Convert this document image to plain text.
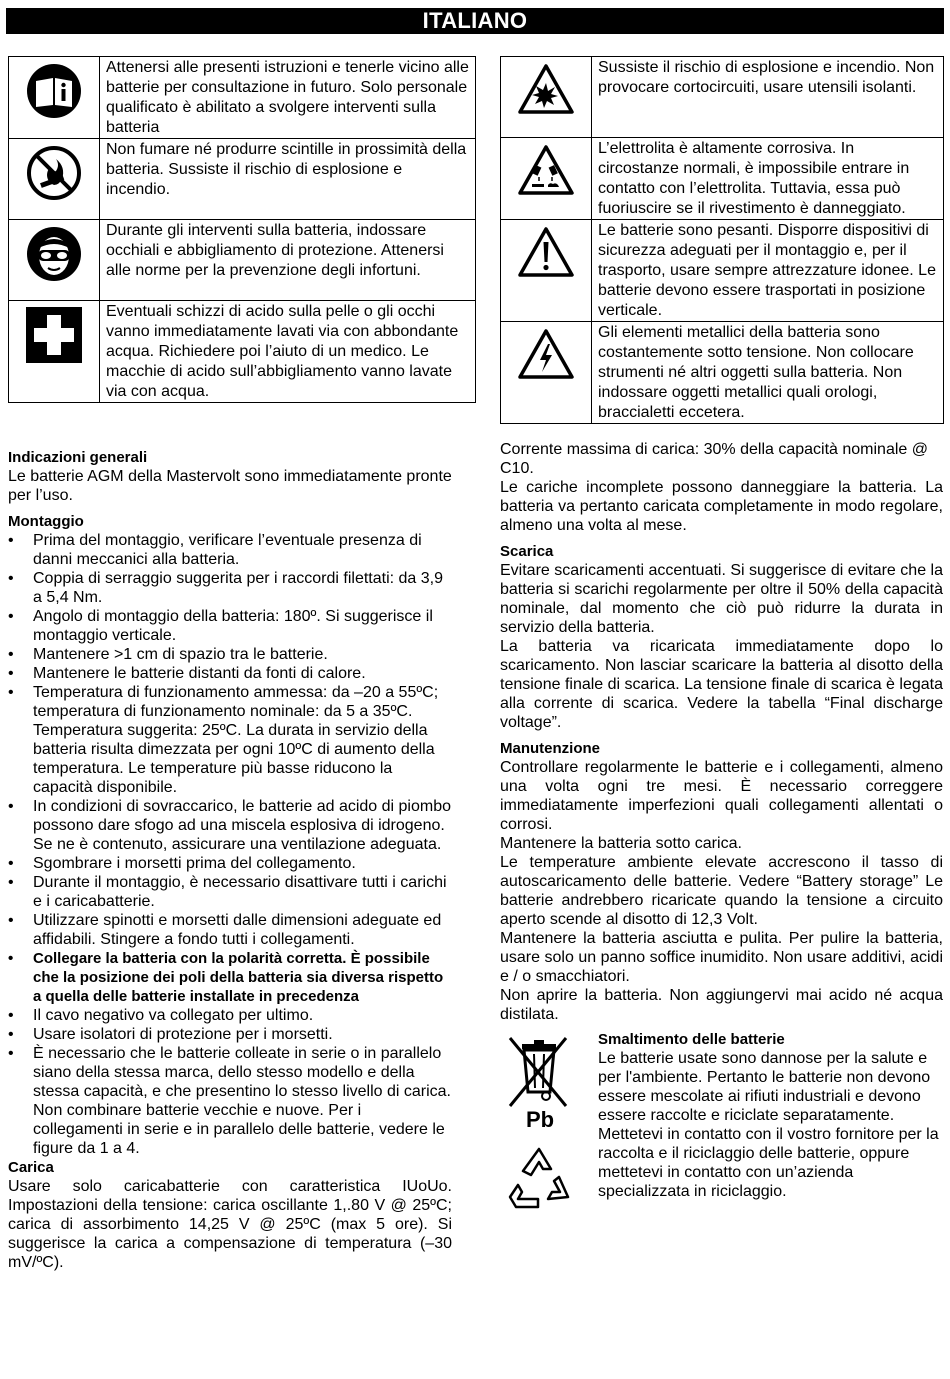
ITALIANO
	Attenersi alle presenti istruzioni e tenerle vicino alle batterie per consultazione in futuro. Solo personale qualificato è abilitato a svolgere interventi sulla batteria

	Non fumare né produrre scintille in prossimità della batteria. Sussiste il rischio di esplosione e incendio.

	Durante gli interventi sulla batteria, indossare occhiali e abbigliamento di protezione. Attenersi alle norme per la prevenzione degli infortuni.

	Eventuali schizzi di acido sulla pelle o gli occhi vanno immediatamente lavati via con abbondante acqua. Richiedere poi l’aiuto di un medico. Le macchie di acido sull’abbigliamento vanno lavate via con acqua.
	Sussiste il rischio di esplosione e incendio. Non provocare cortocircuiti, usare utensili isolanti.

	L’elettrolita è altamente corrosiva. In circostanze normali, è impossibile entrare in contatto con l’elettrolita. Tuttavia, essa può fuoriuscire se il rivestimento è danneggiato.

	Le batterie sono pesanti. Disporre dispositivi di sicurezza adeguati per il montaggio e, per il trasporto, usare sempre attrezzature idonee. Le batterie devono essere trasportati in posizione verticale.

	Gli elementi metallici della batteria sono costantemente sotto tensione. Non collocare strumenti né altri oggetti sulla batteria. Non indossare oggetti metallici quali orologi, braccialetti eccetera.
Indicazioni generali

Le batterie AGM della Mastervolt sono immediatamente pronte per l’uso.

Montaggio
• Prima del montaggio, verificare l’eventuale presenza di danni meccanici alla batteria.
• Coppia di serraggio suggerita per i raccordi filettati: da 3,9 a 5,4 Nm.
• Angolo di montaggio della batteria: 180º. Si suggerisce il montaggio verticale.
• Mantenere >1 cm di spazio tra le batterie.
• Mantenere le batterie distanti da fonti di calore.
• Temperatura di funzionamento ammessa: da –20 a 55ºC; temperatura di funzionamento nominale: da 5 a 35ºC. Temperatura suggerita: 25ºC. La durata in servizio della batteria risulta dimezzata per ogni 10ºC di aumento della temperatura. Le temperature più basse riducono la capacità disponibile.
• In condizioni di sovraccarico, le batterie ad acido di piombo possono dare sfogo ad una miscela esplosiva di idrogeno. Se ne è contenuto, assicurare una ventilazione adeguata.
• Sgombrare i morsetti prima del collegamento.
• Durante il montaggio, è necessario disattivare tutti i carichi e i caricabatterie.
• Utilizzare spinotti e morsetti dalle dimensioni adeguate ed affidabili. Stingere a fondo tutti i collegamenti.
• Collegare la batteria con la polarità corretta. È possibile che la posizione dei poli della batteria sia diversa rispetto a quella delle batterie installate in precedenza
• Il cavo negativo va collegato per ultimo.
• Usare isolatori di protezione per i morsetti.
• È necessario che le batterie colleate in serie o in parallelo siano della stessa marca, dello stesso modello e della stessa capacità, e che presentino lo stesso livello di carica. Non combinare batterie vecchie e nuove. Per i collegamenti in serie e in parallelo delle batterie, vedere le figure da 1 a 4.
Carica

Usare solo caricabatterie con caratteristica IUoUo. Impostazioni della tensione: carica oscillante 1,.80 V @ 25ºC; carica di assorbimento 14,25 V @ 25ºC (max 5 ore). Si suggerisce la carica a compensazione di temperatura (–30 mV/ºC).

Corrente massima di carica: 30% della capacità nominale @ C10.

Le cariche incomplete possono danneggiare la batteria. La batteria va pertanto caricata completamente in modo regolare, almeno una volta al mese.

Scarica

Evitare scaricamenti accentuati. Si suggerisce di evitare che la batteria si scarichi regolarmente per oltre il 50% della capacità nominale, dal momento che ciò può ridurre la durata in servizio della batteria.

La batteria va ricaricata immediatamente dopo lo scaricamento. Non lasciar scaricare la batteria al disotto della tensione finale di scarica. La tensione finale di scarica è legata alla corrente di scarica. Vedere la tabella “Final discharge voltage”.

Manutenzione

Controllare regolarmente le batterie e i collegamenti, almeno una volta ogni tre mesi. È necessario correggere immediatamente imperfezioni quali collegamenti allentati o corrosi.

Mantenere la batteria sotto carica.

Le temperature ambiente elevate accrescono il tasso di autoscaricamento delle batterie. Vedere “Battery storage” Le batterie andrebbero ricaricate quando la tensione a circuito aperto scende al disotto di 12,3 Volt.

Mantenere la batteria asciutta e pulita. Per pulire la batteria, usare solo un panno soffice inumidito. Non usare additivi, acidi e / o smacchiatori.

Non aprire la batteria. Non aggiungervi mai acido né acqua distilata.

Pb
Smaltimento delle batterie

Le batterie usate sono dannose per la salute e per l'ambiente. Pertanto le batterie non devono essere mescolate ai rifiuti industriali e devono essere raccolte e riciclate separatamente. Mettetevi in contatto con il vostro fornitore per la raccolta e il riciclaggio delle batterie, oppure mettetevi in contatto con un’azienda specializzata in riciclaggio.
